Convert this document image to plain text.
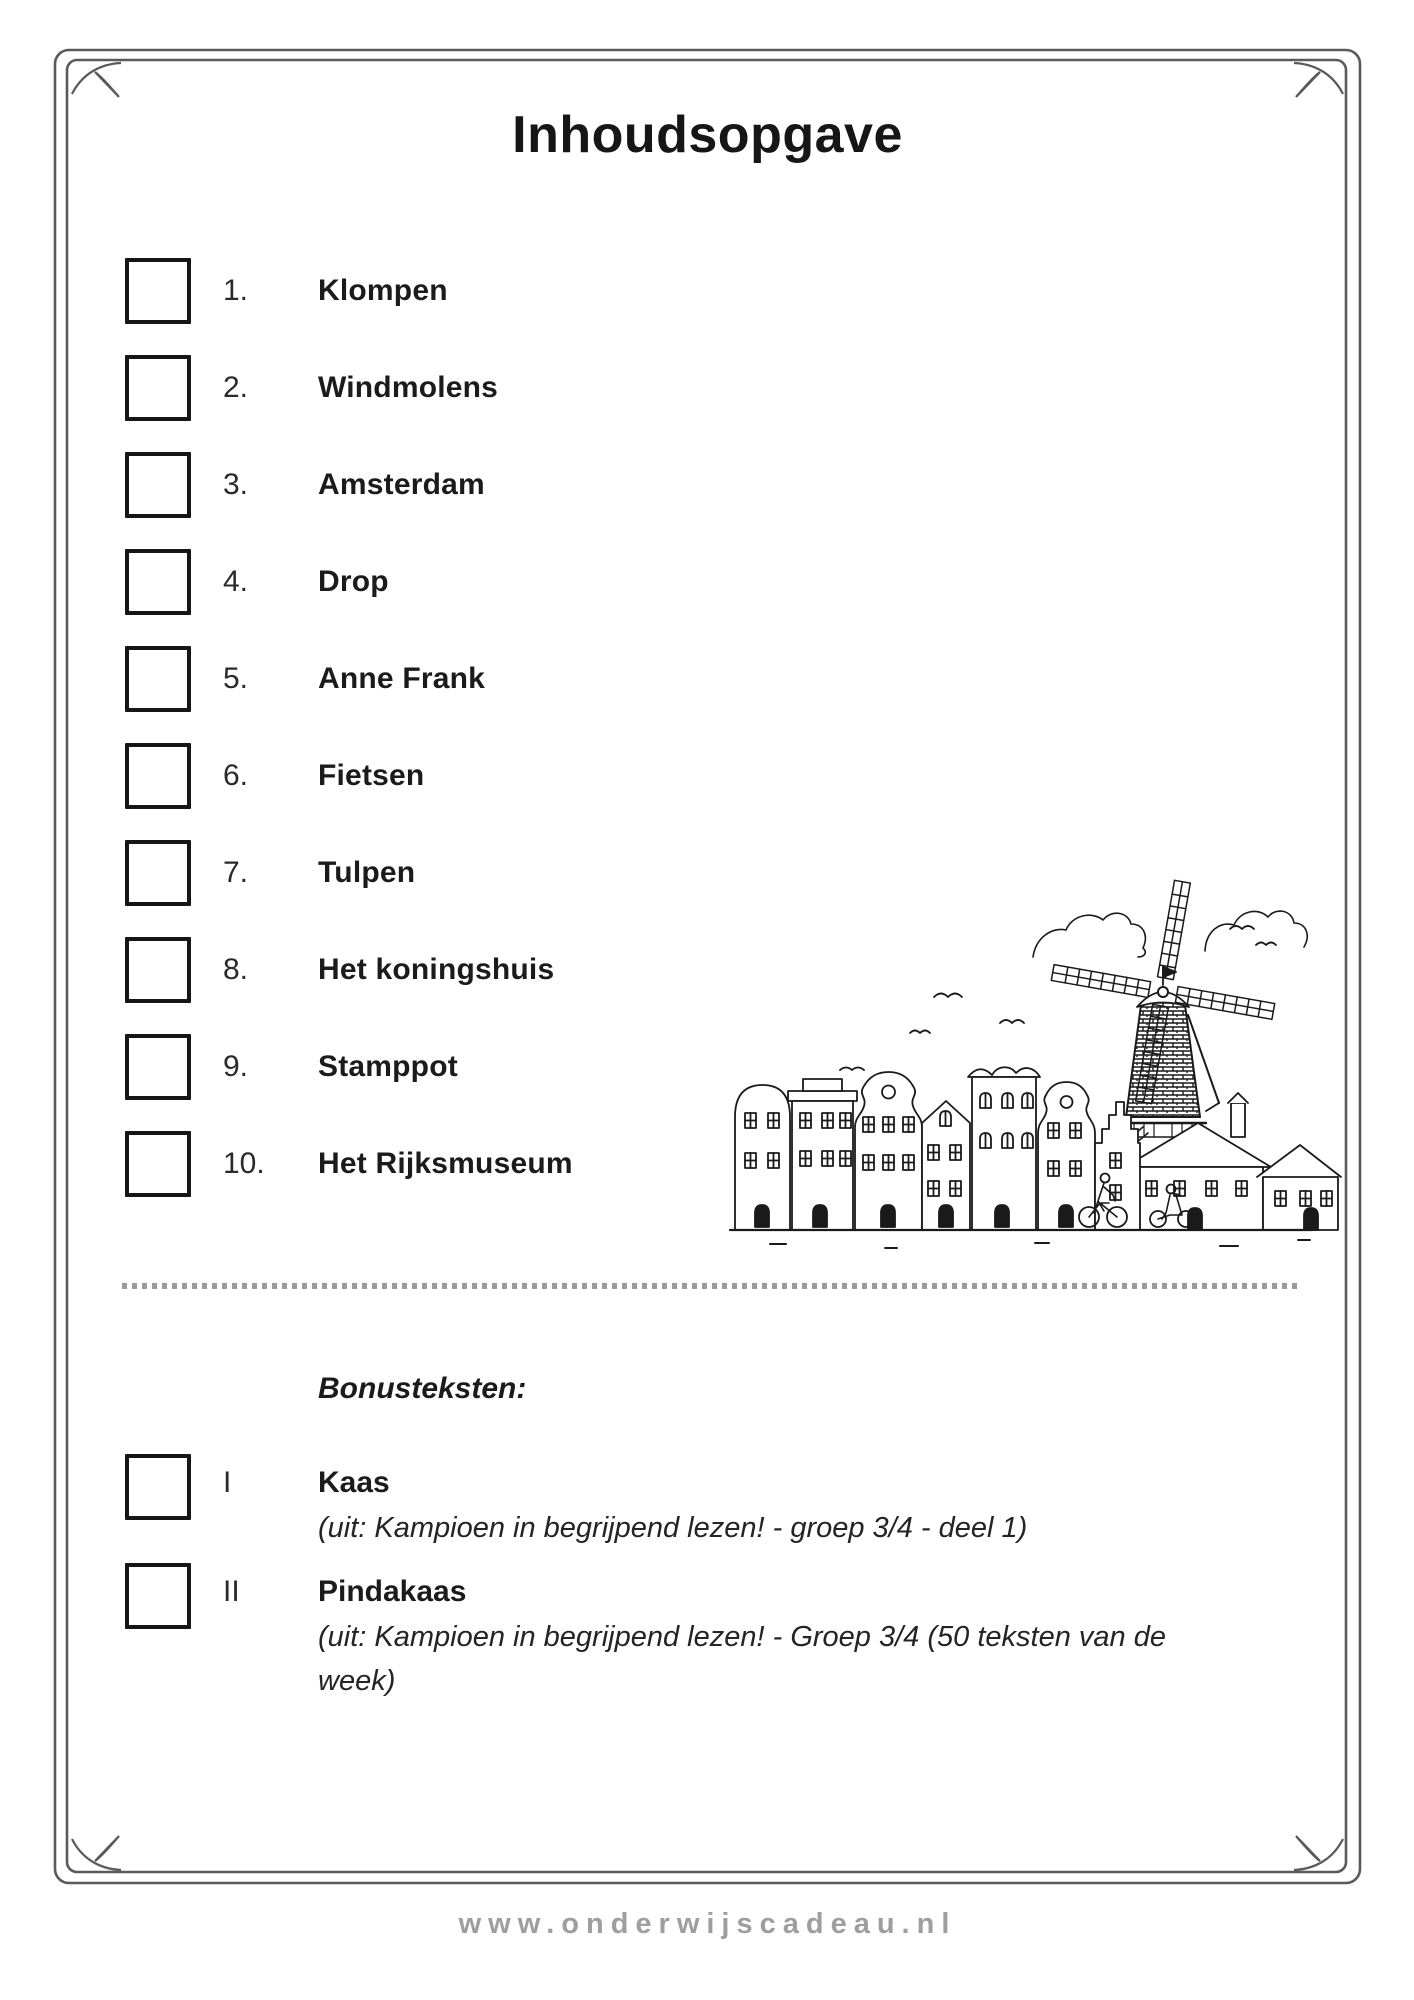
Inhoudsopgave
1.	Klompen
2.	Windmolens
3.	Amsterdam
4.	Drop
5.	Anne Frank
6.	Fietsen
7.	Tulpen
8.	Het koningshuis
9.	Stamppot
10.	Het Rijksmuseum
Bonusteksten:
I	Kaas
(uit: Kampioen in begrijpend lezen! - groep 3/4 - deel 1)
II	Pindakaas
(uit: Kampioen in begrijpend lezen! - Groep 3/4 (50 teksten van de week)
www.onderwijscadeau.nl
